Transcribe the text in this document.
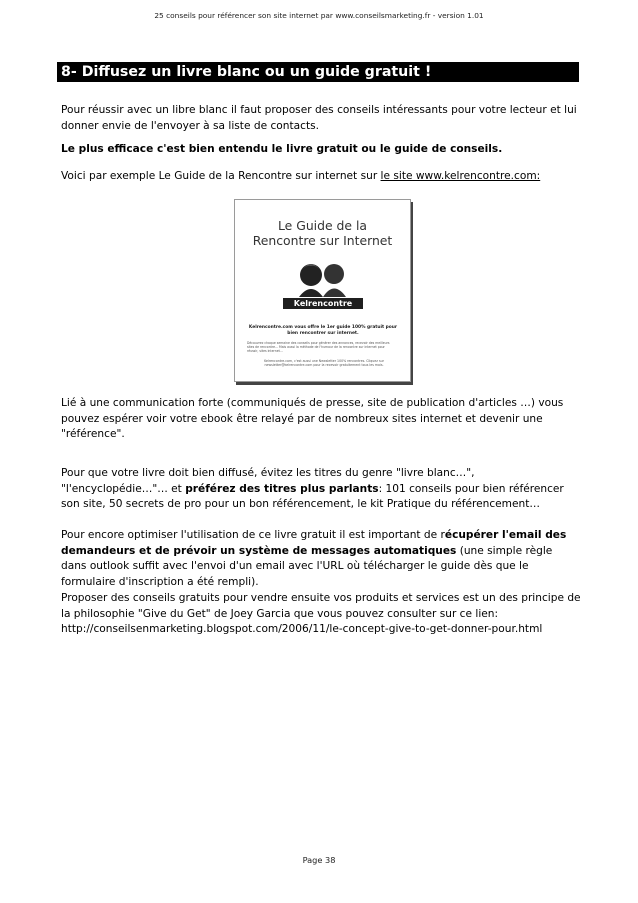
25 conseils pour référencer son site internet par www.conseilsmarketing.fr - version 1.01
8- Diffusez un livre blanc ou un guide gratuit !

Pour réussir avec un libre blanc il faut proposer des conseils intéressants pour votre lecteur et lui donner envie de l'envoyer à sa liste de contacts.

Le plus efficace c'est bien entendu le livre gratuit ou le guide de conseils.

Voici par exemple Le Guide de la Rencontre sur internet sur le site www.kelrencontre.com:

Le Guide de la
Rencontre sur Internet
Kelrencontre
Kelrencontre.com vous offre le 1er guide 100% gratuit pour bien rencontrer sur internet.
Découvrez chaque semaine des conseils pour générer des annonces, recevoir des meilleurs sites de rencontre… Mais aussi la méthode de l'humour de la rencontre sur internet pour réussir, sites internet…
Kelrencontre.com, c'est aussi une Newsletter 100% rencontres. Cliquez sur newsletter@kelrencontre.com pour la recevoir gratuitement tous les mois.

Lié à une communication forte (communiqués de presse, site de publication d'articles …) vous pouvez espérer voir votre ebook être relayé par de nombreux sites internet et devenir une "référence".

Pour que votre livre doit bien diffusé, évitez les titres du genre "livre blanc…", "l'encyclopédie…"… et préférez des titres plus parlants: 101 conseils pour bien référencer son site, 50 secrets de pro pour un bon référencement, le kit Pratique du référencement…

Pour encore optimiser l'utilisation de ce livre gratuit il est important de récupérer l'email des demandeurs et de prévoir un système de messages automatiques (une simple règle dans outlook suffit avec l'envoi d'un email avec l'URL où télécharger le guide dès que le formulaire d'inscription a été rempli).

Proposer des conseils gratuits pour vendre ensuite vos produits et services est un des principe de la philosophie "Give du Get" de Joey Garcia que vous pouvez consulter sur ce lien:
http://conseilsenmarketing.blogspot.com/2006/11/le-concept-give-to-get-donner-pour.html

Page 38
